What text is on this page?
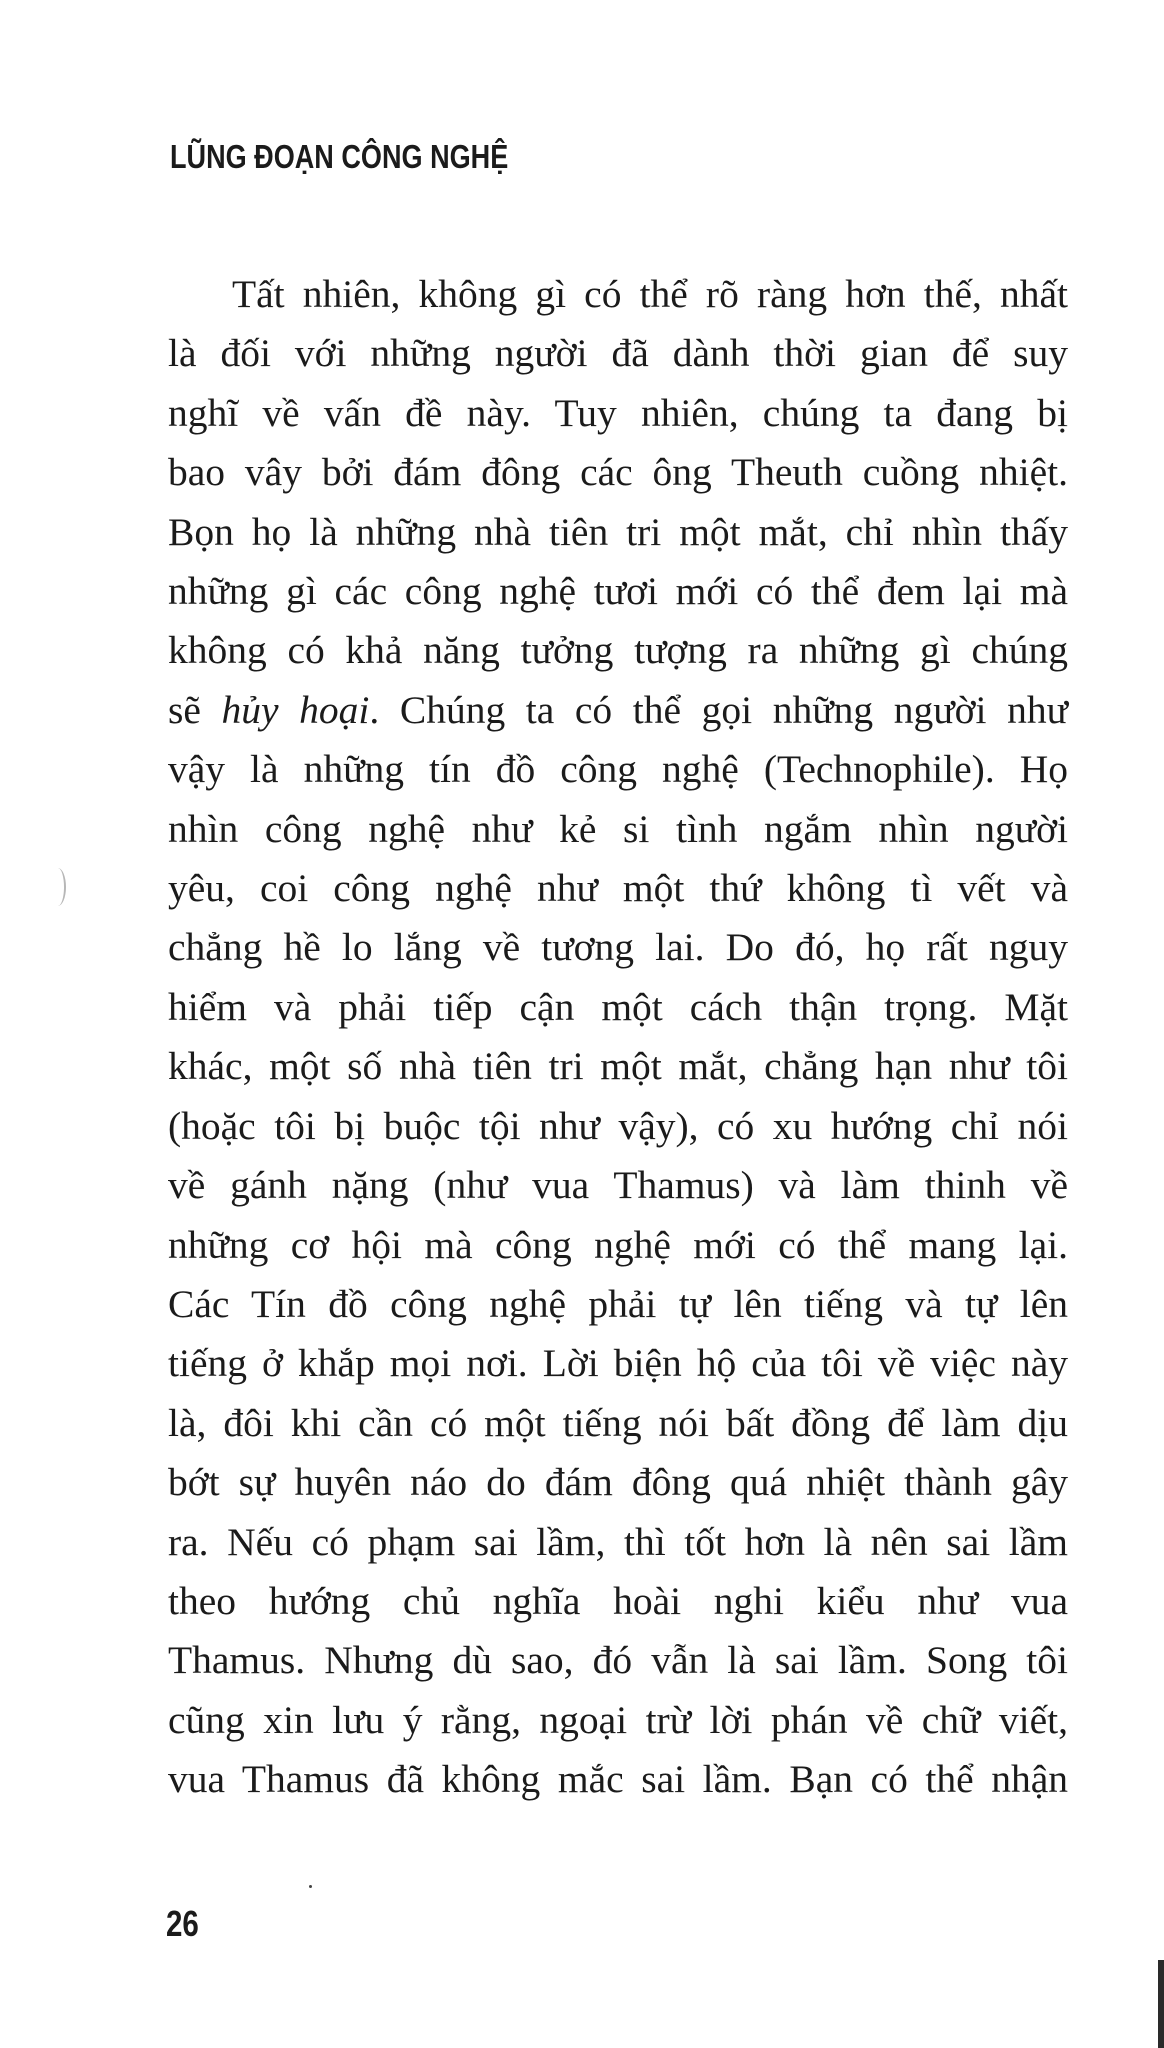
LŨNG ĐOẠN CÔNG NGHỆ
Tất nhiên, không gì có thể rõ ràng hơn thế, nhất
là đối với những người đã dành thời gian để suy
nghĩ về vấn đề này. Tuy nhiên, chúng ta đang bị
bao vây bởi đám đông các ông Theuth cuồng nhiệt.
Bọn họ là những nhà tiên tri một mắt, chỉ nhìn thấy
những gì các công nghệ tươi mới có thể đem lại mà
không có khả năng tưởng tượng ra những gì chúng
sẽ hủy hoại. Chúng ta có thể gọi những người như
vậy là những tín đồ công nghệ (Technophile). Họ
nhìn công nghệ như kẻ si tình ngắm nhìn người
yêu, coi công nghệ như một thứ không tì vết và
chẳng hề lo lắng về tương lai. Do đó, họ rất nguy
hiểm và phải tiếp cận một cách thận trọng. Mặt
khác, một số nhà tiên tri một mắt, chẳng hạn như tôi
(hoặc tôi bị buộc tội như vậy), có xu hướng chỉ nói
về gánh nặng (như vua Thamus) và làm thinh về
những cơ hội mà công nghệ mới có thể mang lại.
Các Tín đồ công nghệ phải tự lên tiếng và tự lên
tiếng ở khắp mọi nơi. Lời biện hộ của tôi về việc này
là, đôi khi cần có một tiếng nói bất đồng để làm dịu
bớt sự huyên náo do đám đông quá nhiệt thành gây
ra. Nếu có phạm sai lầm, thì tốt hơn là nên sai lầm
theo hướng chủ nghĩa hoài nghi kiểu như vua
Thamus. Nhưng dù sao, đó vẫn là sai lầm. Song tôi
cũng xin lưu ý rằng, ngoại trừ lời phán về chữ viết,
vua Thamus đã không mắc sai lầm. Bạn có thể nhận
26
